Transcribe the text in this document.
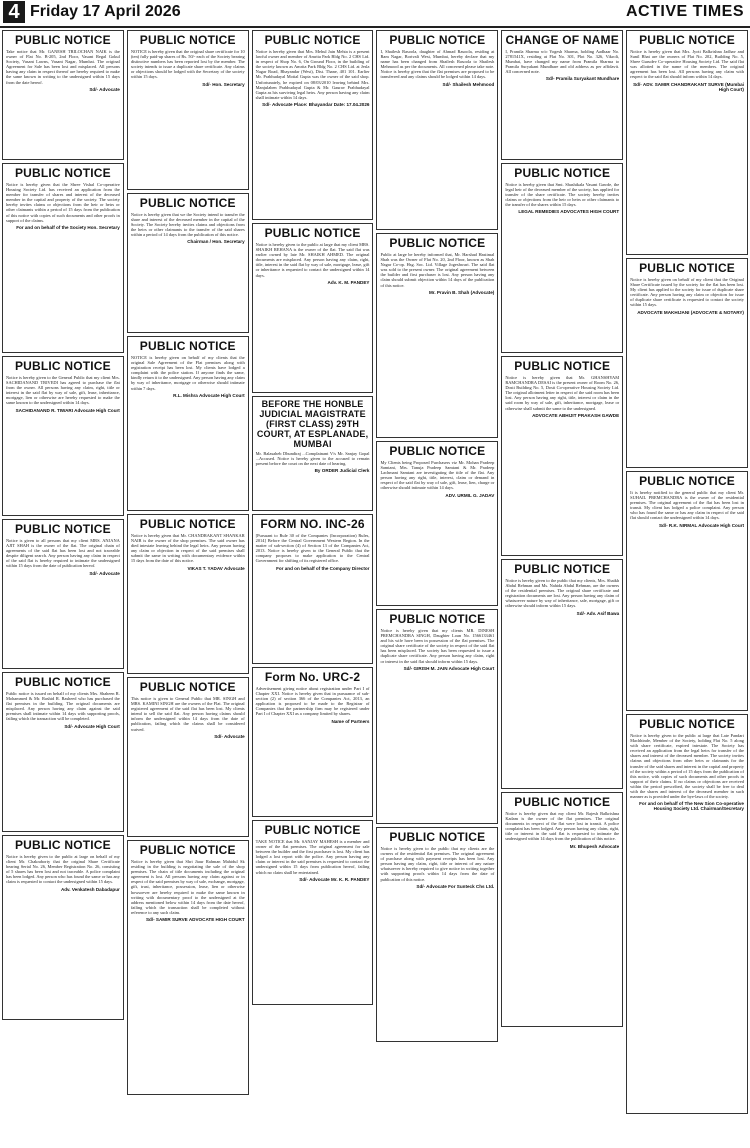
4 Friday 17 April 2026	ACTIVE TIMES
PUBLIC NOTICE
Take notice that Mr. GANESH TRILOCHAN NAIK is the owner of Flat No. B-205, 2nd Floor, Vasant Regal Gokul Society, Vasant Lawns, Vasant Nagar, Mumbai. The original Agreement for Sale has been lost and misplaced. All persons having any claim in respect thereof are hereby required to make the same known in writing to the undersigned within 15 days from the date hereof.
Sd/- Advocate
PUBLIC NOTICE
Notice is hereby given that the Shree Vishal Co-operative Housing Society Ltd. has received an application from the member for transfer of shares and interest of the deceased member in the capital and property of the society. The society hereby invites claims or objections from the heir or heirs or other claimants within a period of 15 days from the publication of this notice with copies of such documents and other proofs in support of the claims.
For and on behalf of the Society Hon. Secretary
PUBLIC NOTICE
Notice is hereby given to the General Public that my client Mrs. SACHIDANAND TRIVEDI has agreed to purchase the flat from the owner. All persons having any claim, right, title or interest in the said flat by way of sale, gift, lease, inheritance, mortgage, lien or otherwise are hereby requested to make the same known to the undersigned within 14 days.
SACHIDANAND R. TIWARI Advocate High Court
PUBLIC NOTICE
Notice is given to all persons that my client MRS. ANJANA AJIT SHAH is the owner of the flat. The original chain of agreements of the said flat has been lost and not traceable despite diligent search. Any person having any claim in respect of the said flat is hereby required to intimate the undersigned within 15 days from the date of publication hereof.
Sd/- Advocate
PUBLIC NOTICE
Public notice is issued on behalf of my clients Mrs. Shaheen R. Mohammed & Mr. Rashid R. Rasheed who has purchased the flat premises in the building. The original documents are misplaced. Any person having any claim against the said premises shall intimate within 14 days with supporting proofs, failing which the transaction will be completed.
Sd/- Advocate High Court
PUBLIC NOTICE
Notice is hereby given to the public at large on behalf of my client Mr. Chakraborty that the original Share Certificate bearing Serial No. 26, Member Registration No. 26, consisting of 5 shares has been lost and not traceable. A police complaint has been lodged. Any person who has found the same or has any claim is requested to contact the undersigned within 15 days.
Adv. Venkatesh Dabadapur
PUBLIC NOTICE
NOTICE is hereby given that the original share certificate for 10 (ten) fully paid-up shares of Rs. 50/- each of the Society bearing distinctive numbers has been reported lost by the member. The society intends to issue a duplicate share certificate. Any claims or objections should be lodged with the Secretary of the society within 15 days.
Sd/- Hon. Secretary
PUBLIC NOTICE
Notice is hereby given that we the Society intend to transfer the share and interest of the deceased member in the capital of the Society. The Society hereby invites claims and objections from the heirs or other claimants to the transfer of the said shares within a period of 14 days from the publication of this notice.
Chairman / Hon. Secretary
PUBLIC NOTICE
NOTICE is hereby given on behalf of my clients that the original Sale Agreement of the Flat premises along with registration receipt has been lost. My clients have lodged a complaint with the police station. If anyone finds the same, kindly return it to the undersigned. Any person having any claim by way of inheritance, mortgage or otherwise should intimate within 7 days.
R.L. Mishra Advocate High Court
PUBLIC NOTICE
Notice is hereby given that Mr. CHANDRAKANT SHANKAR NAIR is the owner of the shop premises. The said owner has died intestate leaving behind the legal heirs. Any person having any claim or objection in respect of the said premises shall submit the same in writing with documentary evidence within 15 days from the date of this notice.
VIKAS T. YADAV Advocate
PUBLIC NOTICE
This notice is given to General Public that MR. SINGH and MRS. KAMINI SINGH are the owners of the Flat. The original registered agreement of the said flat has been lost. My clients intend to sell the said flat. Any person having claims should inform the undersigned within 14 days from the date of publication, failing which the claims shall be considered waived.
Sd/- Advocate
PUBLIC NOTICE
Notice is hereby given that Shri Jiaur Rahman Mahidul Sk residing in the building is negotiating the sale of the shop premises. The chain of title documents including the original agreement is lost. All persons having any claim against or in respect of the said premises by way of sale, exchange, mortgage, gift, trust, inheritance, possession, lease, lien or otherwise howsoever are hereby required to make the same known in writing with documentary proof to the undersigned at the address mentioned below within 14 days from the date hereof, failing which the transaction shall be completed without reference to any such claim.
Sd/- SAMIR SURVE ADVOCATE HIGH COURT
PUBLIC NOTICE
Notice is hereby given that Mrs. Mehul Jain Mehta is a present lawful owner and member of Amrita Park Bldg No. 2 CHS Ltd. in respect of Shop No. 6, On Ground Floor, in the building of the society known as Amrita Park Bldg No. 2 CHS Ltd. at Jesla Nagar Road, Bhayandar (West), Dist. Thane, 401 101. Earlier Mr. Prabhudayal Motial Gupta was the owner of the said shop. Unfortunately, he expired on 08/03/2010 leaving behind Mrs. Manjulaben Prabhudayal Gupta & Mr. Gaurav Prabhudayal Gupta as his surviving legal heirs. Any person having any claim shall intimate within 14 days.
Sd/- Advocate Place: Bhayandar Date: 17.04.2026
PUBLIC NOTICE
Notice is hereby given to the public at large that my client MRS. SHAIKH REHANA is the owner of the flat. The said flat was earlier owned by late Mr. SHAIKH AHMED. The original documents are misplaced. Any person having any claim, right, title, interest in the said flat by way of sale, mortgage, lease, gift or inheritance is requested to contact the undersigned within 14 days.
Adv. K. M. PANDEY
BEFORE THE HONBLE JUDICIAL MAGISTRATE (FIRST CLASS) 29TH COURT, AT ESPLANADE, MUMBAI
Mr. Balasaheb Dhundiraj ...Complainant V/s Mr. Sanjay Gopal ...Accused. Notice is hereby given to the accused to remain present before the court on the next date of hearing.
By ORDER Judicial Clerk
FORM NO. INC-26
[Pursuant to Rule 30 of the Companies (Incorporation) Rules, 2014] Before the Central Government Western Region. In the matter of sub-section (4) of Section 13 of the Companies Act, 2013. Notice is hereby given to the General Public that the company proposes to make application to the Central Government for shifting of its registered office.
For and on behalf of the Company Director
Form No. URC-2
Advertisement giving notice about registration under Part I of Chapter XXI. Notice is hereby given that in pursuance of sub-section (2) of section 366 of the Companies Act, 2013, an application is proposed to be made to the Registrar of Companies that the partnership firm may be registered under Part I of Chapter XXI as a company limited by shares.
Name of Partners
PUBLIC NOTICE
TAKE NOTICE that Mr. SANJAY MAHESH is a member and owner of the flat premises. The original agreement for sale between the builder and the first purchaser is lost. My client has lodged a lost report with the police. Any person having any claim or interest in the said premises is requested to contact the undersigned within 15 days from publication hereof, failing which no claim shall be entertained.
Sd/- Advocate Mr. K. R. PANDEY
PUBLIC NOTICE
I, Shailesh Rasoola, daughter of Ahmad Rasoola, residing at Ram Nagar, Borivali West, Mumbai, hereby declare that my name has been changed from Shailesh Rasoola to Shailesh Mehmood as per the documents. All concerned please take note. Notice is hereby given that the flat premises are proposed to be transferred and any claims should be lodged within 14 days.
Sd/- Shailesh Mehmood
PUBLIC NOTICE
Public at large be hereby informed that, Mr. Harshad Hastimal Shah was the Owner of Flat No. 20, 2nd Floor, known as Shah Nagar Co-op. Hsg. Soc. Ltd. Village Jogeshwari. The said flat was sold to the present owner. The original agreement between the builder and first purchaser is lost. Any person having any claim should submit objection within 14 days of the publication of this notice.
Mr. Pravin B. Shah (Advocate)
PUBLIC NOTICE
My Clients being Proposed Purchasers viz Mr. Mohan Pradeep Samtani, Mrs. Tanuja Pradeep Samtani & Mr. Pradeep Lachmani Samtani are investigating the title of the flat. Any person having any right, title, interest, claim or demand in respect of the said flat by way of sale, gift, lease, lien, charge or otherwise should intimate within 14 days.
ADV. URMIL G. JADAV
PUBLIC NOTICE
Notice is hereby given that my clients MR. DINESH PREMCHANDRA SINGH, Daughter Loan No. 1566133461 and his wife have been in possession of the flat premises. The original share certificate of the society in respect of the said flat has been misplaced. The society has been requested to issue a duplicate share certificate. Any person having any claim, right or interest in the said flat should inform within 15 days.
Sd/- GIRISH M. JAIN Advocate High Court
PUBLIC NOTICE
Notice is hereby given to the public that my clients are the owners of the residential flat premises. The original agreement of purchase along with payment receipts has been lost. Any person having any claim, right, title or interest of any nature whatsoever is hereby required to give notice in writing together with supporting proofs within 14 days from the date of publication of this notice.
Sd/- Advocate For Sunteck Chs Ltd.
CHANGE OF NAME
I, Pramila Sharma w/o Yogesh Sharma, holding Aadhaar No. 2781541X, residing at Flat No. 301, Plot No. 326, Vikroli, Mumbai, have changed my name from Pramila Sharma to Pramila Suryakant Mundhare and old address as per affidavit. All concerned note.
Sd/- Pramila Suryakant Mundhare
PUBLIC NOTICE
Notice is hereby given that Smt. Shashikala Vasant Gawde, the legal heir of the deceased member of the society, has applied for transfer of the share certificate. The society hereby invites claims or objections from the heir or heirs or other claimants to the transfer of the shares within 15 days.
LEGAL REMEDIES ADVOCATES HIGH COURT
PUBLIC NOTICE
Notice is hereby given that Mr. GHANSHYAM RAMCHANDRA DESAI is the present owner of Room No. 26, Dosti Building No. 5, Dosti Co-operative Housing Society Ltd. The original allotment letter in respect of the said room has been lost. Any person having any right, title, interest or claim in the said room by way of sale, gift, inheritance, mortgage, lease or otherwise shall submit the same to the undersigned.
ADVOCATE ABHIJIT PRAKASH GAWDE
PUBLIC NOTICE
Notice is hereby given to the public that my clients, Mrs. Shaikh Abdul Rehman and Ms. Nahida Abdul Rehman, are the owners of the residential premises. The original share certificate and registration documents are lost. Any person having any claim of whatsoever nature by way of inheritance, sale, mortgage, gift or otherwise should inform within 15 days.
Sd/- Adv. Asif Bawa
PUBLIC NOTICE
Notice is hereby given that my client Mr. Rajesh Balkrishna Kadam is the owner of the flat premises. The original documents in respect of the flat were lost in transit. A police complaint has been lodged. Any person having any claim, right, title or interest in the said flat is requested to intimate the undersigned within 14 days from the publication of this notice.
Mr. Bhupesh Advocate
PUBLIC NOTICE
Notice is hereby given that Mrs. Jyoti Balkrishna Jadhav and Sunil Bhat are the owners of Flat No. 202, Building No. 5, Shree Gurudev Co-operative Housing Society Ltd. The said flat was allotted in the name of the members. The original agreement has been lost. All persons having any claim with respect to the said flat should inform within 14 days.
Sd/- ADV. SAMIR CHANDRAKANT SURVE (Mumbai High Court)
PUBLIC NOTICE
Notice is hereby given on behalf of my client that the Original Share Certificate issued by the society for the flat has been lost. My client has applied to the society for issue of duplicate share certificate. Any person having any claim or objection for issue of duplicate share certificate is requested to contact the society within 15 days.
ADVOCATE MAKHIJANI (ADVOCATE & NOTARY)
PUBLIC NOTICE
It is hereby notified to the general public that my client Mr. SUHAIL PREMCHANDRA is the owner of the residential premises. The original agreement of the flat has been lost in transit. My client has lodged a police complaint. Any person who has found the same or has any claim in respect of the said flat should contact the undersigned within 14 days.
Sd/- R.K. NIRMAL Advocate High Court
PUBLIC NOTICE
Notice is hereby given to the public at large that Late Pandari Machhinde, Member of the Society, holding Flat No. 5 along with share certificate, expired intestate. The Society has received an application from the legal heirs for transfer of the shares and interest of the deceased member. The society invites claims and objections from other heirs or claimants for the transfer of the said shares and interest in the capital and property of the society within a period of 15 days from the publication of this notice, with copies of such documents and other proofs in support of their claims. If no claims or objections are received within the period prescribed, the society shall be free to deal with the shares and interest of the deceased member in such manner as is provided under the bye-laws of the society.
For and on behalf of The New Sion Co-operative Housing Society Ltd. Chairman/Secretary
